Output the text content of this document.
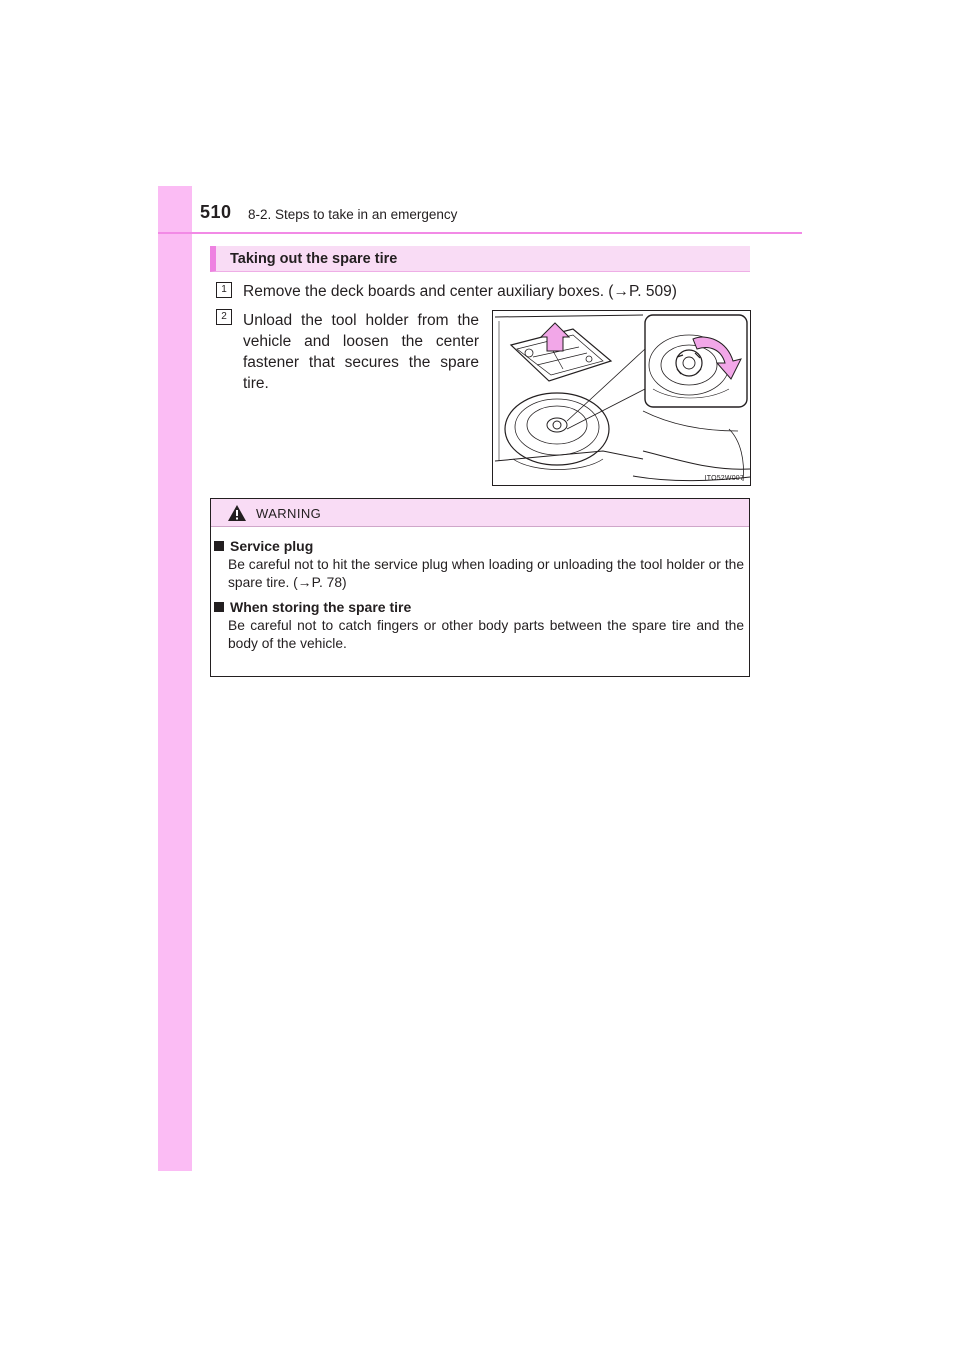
510 8-2. Steps to take in an emergency
Taking out the spare tire
1	Remove the deck boards and center auxiliary boxes. (→P. 509)
2	Unload the tool holder from the vehicle and loosen the center fastener that secures the spare tire.
ITO52W007
WARNING
Service plug
Be careful not to hit the service plug when loading or unloading the tool holder or the spare tire. (→P. 78)
When storing the spare tire
Be careful not to catch fingers or other body parts between the spare tire and the body of the vehicle.
